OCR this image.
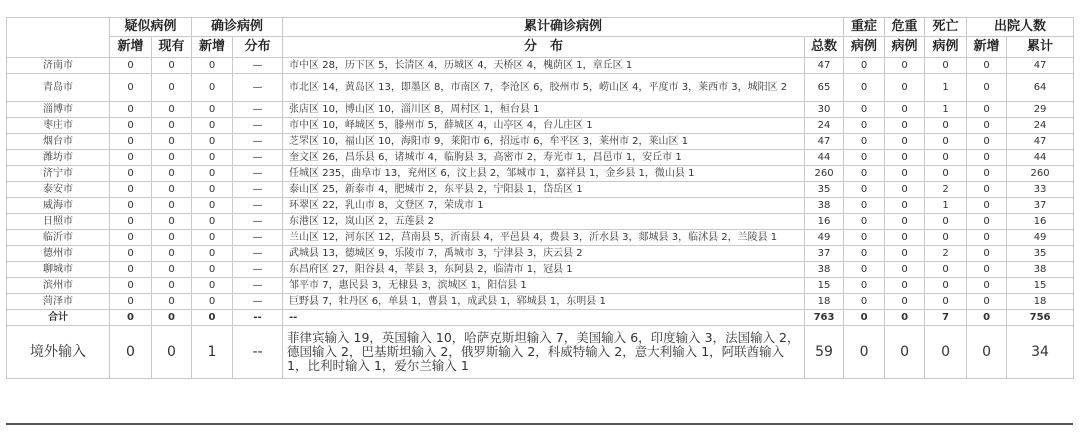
	疑似病例		确诊病例		累计确诊病例		重症	危重	死亡	出院人数	
	新增	现有	新增	分布	分　布	总数	病例	病例	病例	新增	累计
济南市	0	0	0	—	市中区 28，历下区 5，长清区 4，历城区 4，天桥区 4，槐荫区 1，章丘区 1	47	0	0	0	0	47
青岛市	0	0	0	—	市北区 14，黄岛区 13，即墨区 8，市南区 7，李沧区 6，胶州市 5，崂山区 4，平度市 3，莱西市 3，城阳区 2	65	0	0	1	0	64
淄博市	0	0	0	—	张店区 10，博山区 10，淄川区 8，周村区 1，桓台县 1	30	0	0	1	0	29
枣庄市	0	0	0	—	市中区 10，峄城区 5，滕州市 5，薛城区 4，山亭区 4，台儿庄区 1	24	0	0	0	0	24
烟台市	0	0	0	—	芝罘区 10，福山区 10，海阳市 9，莱阳市 6，招远市 6，牟平区 3，莱州市 2，莱山区 1	47	0	0	0	0	47
潍坊市	0	0	0	—	奎文区 26，昌乐县 6，诸城市 4，临朐县 3，高密市 2，寿光市 1，昌邑市 1，安丘市 1	44	0	0	0	0	44
济宁市	0	0	0	—	任城区 235，曲阜市 13，兖州区 6，汶上县 2，邹城市 1，嘉祥县 1，金乡县 1，微山县 1	260	0	0	0	0	260
泰安市	0	0	0	—	泰山区 25，新泰市 4，肥城市 2，东平县 2，宁阳县 1，岱岳区 1	35	0	0	2	0	33
威海市	0	0	0	—	环翠区 22，乳山市 8，文登区 7，荣成市 1	38	0	0	1	0	37
日照市	0	0	0	—	东港区 12，岚山区 2，五莲县 2	16	0	0	0	0	16
临沂市	0	0	0	—	兰山区 12，河东区 12，莒南县 5，沂南县 4，平邑县 4，费县 3，沂水县 3，郯城县 3，临沭县 2，兰陵县 1	49	0	0	0	0	49
德州市	0	0	0	—	武城县 13，德城区 9，乐陵市 7，禹城市 3，宁津县 3，庆云县 2	37	0	0	2	0	35
聊城市	0	0	0	—	东昌府区 27，阳谷县 4，莘县 3，东阿县 2，临清市 1，冠县 1	38	0	0	0	0	38
滨州市	0	0	0	—	邹平市 7，惠民县 3，无棣县 3，滨城区 1，阳信县 1	15	0	0	0	0	15
菏泽市	0	0	0	—	巨野县 7，牡丹区 6，单县 1，曹县 1，成武县 1，郓城县 1，东明县 1	18	0	0	0	0	18
合计	0	0	0	--	--	763	0	0	7	0	756
境外输入	0	0	1	--	菲律宾输入 19，英国输入 10，哈萨克斯坦输入 7，美国输入 6，印度输入 3，法国输入 2，德国输入 2，巴基斯坦输入 2，俄罗斯输入 2，科威特输入 2，意大利输入 1，阿联酋输入 1，比利时输入 1，爱尔兰输入 1	59	0	0	0	0	34
